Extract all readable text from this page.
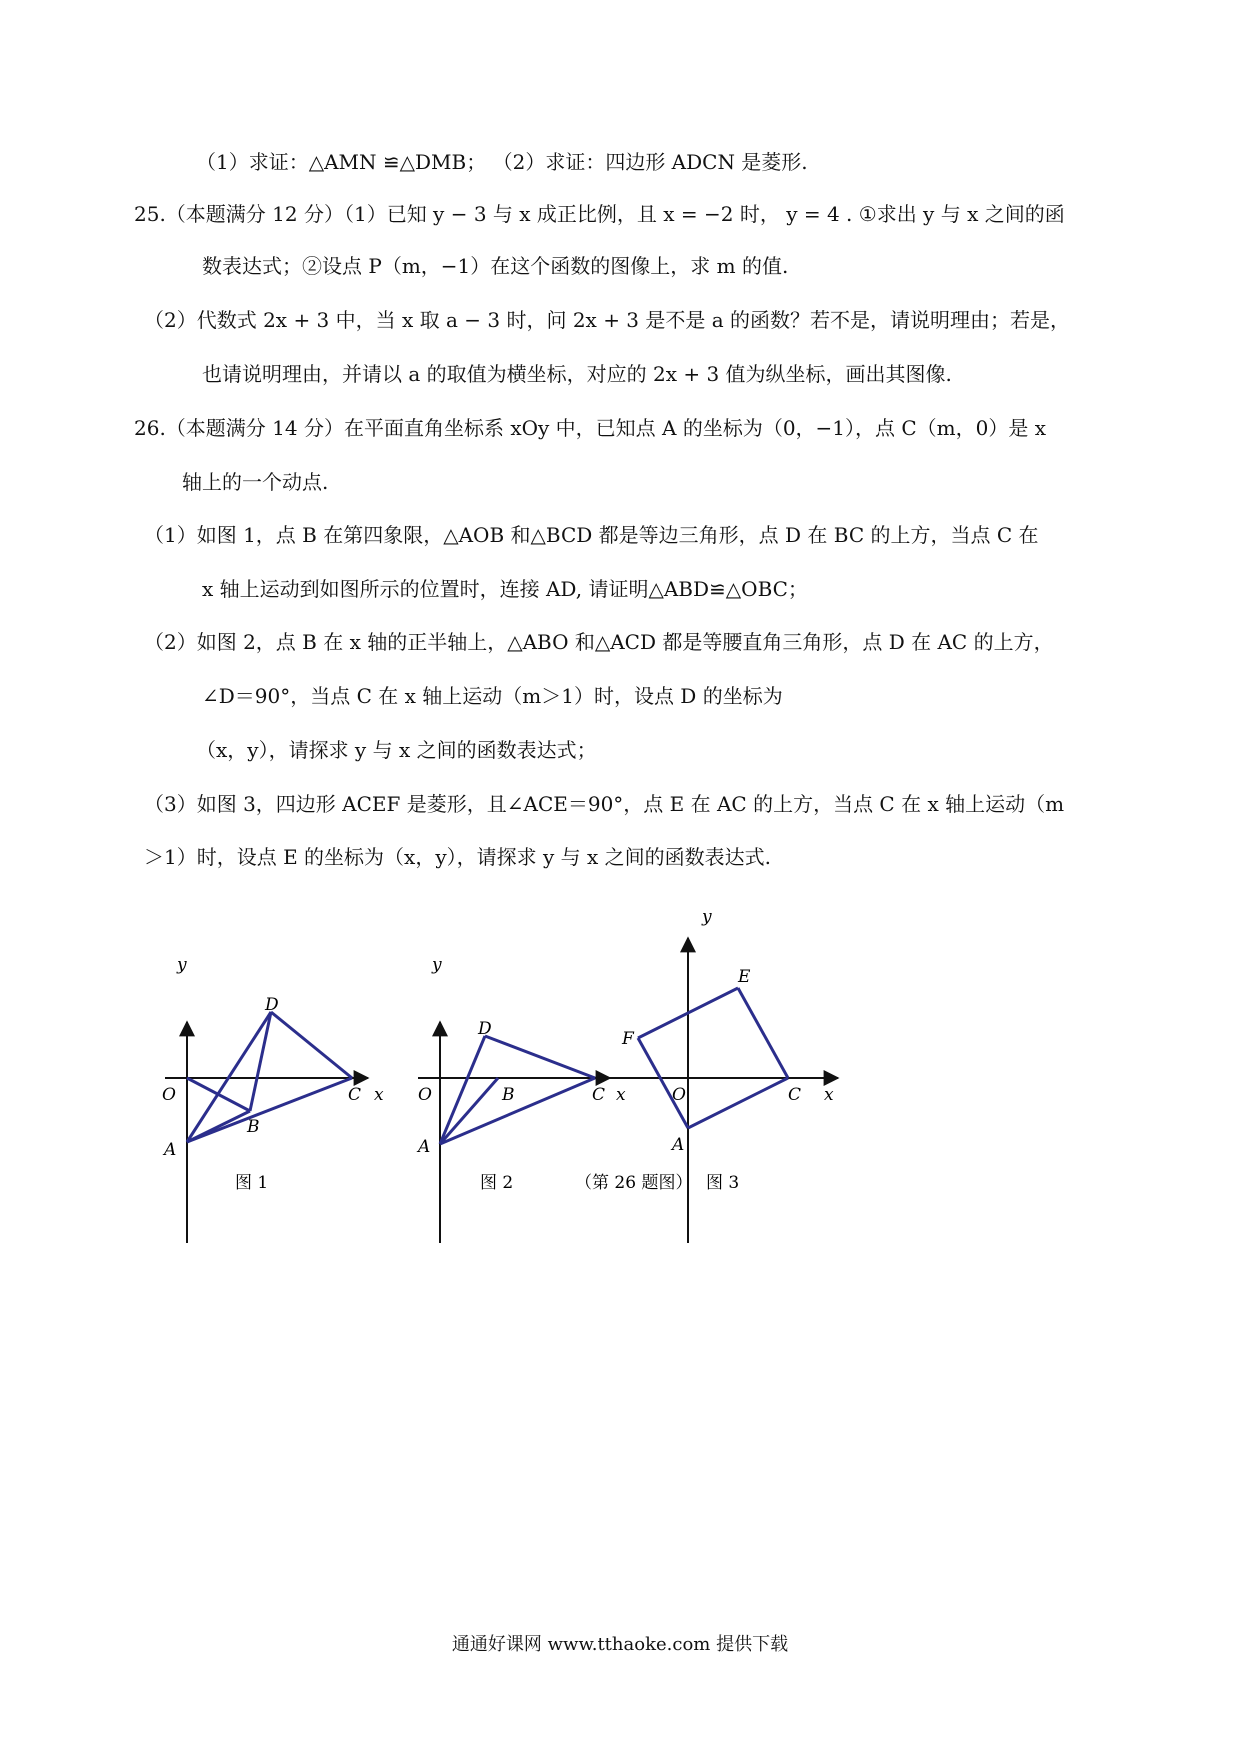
（1）求证：△AMN ≌△DMB； （2）求证：四边形 ADCN 是菱形.
25.（本题满分 12 分）（1）已知 y − 3 与 x 成正比例，且 x = −2 时， y = 4 . ①求出 y 与 x 之间的函
数表达式；②设点 P（m，−1）在这个函数的图像上，求 m 的值.
（2）代数式 2x + 3 中，当 x 取 a − 3 时，问 2x + 3 是不是 a 的函数？若不是，请说明理由；若是，
也请说明理由，并请以 a 的取值为横坐标，对应的 2x + 3 值为纵坐标，画出其图像.
26.（本题满分 14 分）在平面直角坐标系 xOy 中，已知点 A 的坐标为（0，−1），点 C（m，0）是 x
轴上的一个动点.
（1）如图 1，点 B 在第四象限，△AOB 和△BCD 都是等边三角形，点 D 在 BC 的上方，当点 C 在
x 轴上运动到如图所示的位置时，连接 AD, 请证明△ABD≌△OBC；
（2）如图 2，点 B 在 x 轴的正半轴上，△ABO 和△ACD 都是等腰直角三角形，点 D 在 AC 的上方，
∠D＝90°，当点 C 在 x 轴上运动（m＞1）时，设点 D 的坐标为
（x，y），请探求 y 与 x 之间的函数表达式；
（3）如图 3，四边形 ACEF 是菱形，且∠ACE＝90°，点 E 在 AC 的上方，当点 C 在 x 轴上运动（m
＞1）时，设点 E 的坐标为（x，y），请探求 y 与 x 之间的函数表达式.
y
D
O	C x
B
A
图 1
y
D
O	B	C x
A
图 2	（第 26 题图）
y
E
F
O	C x
A
图 3
通通好课网 www.tthaoke.com 提供下载
